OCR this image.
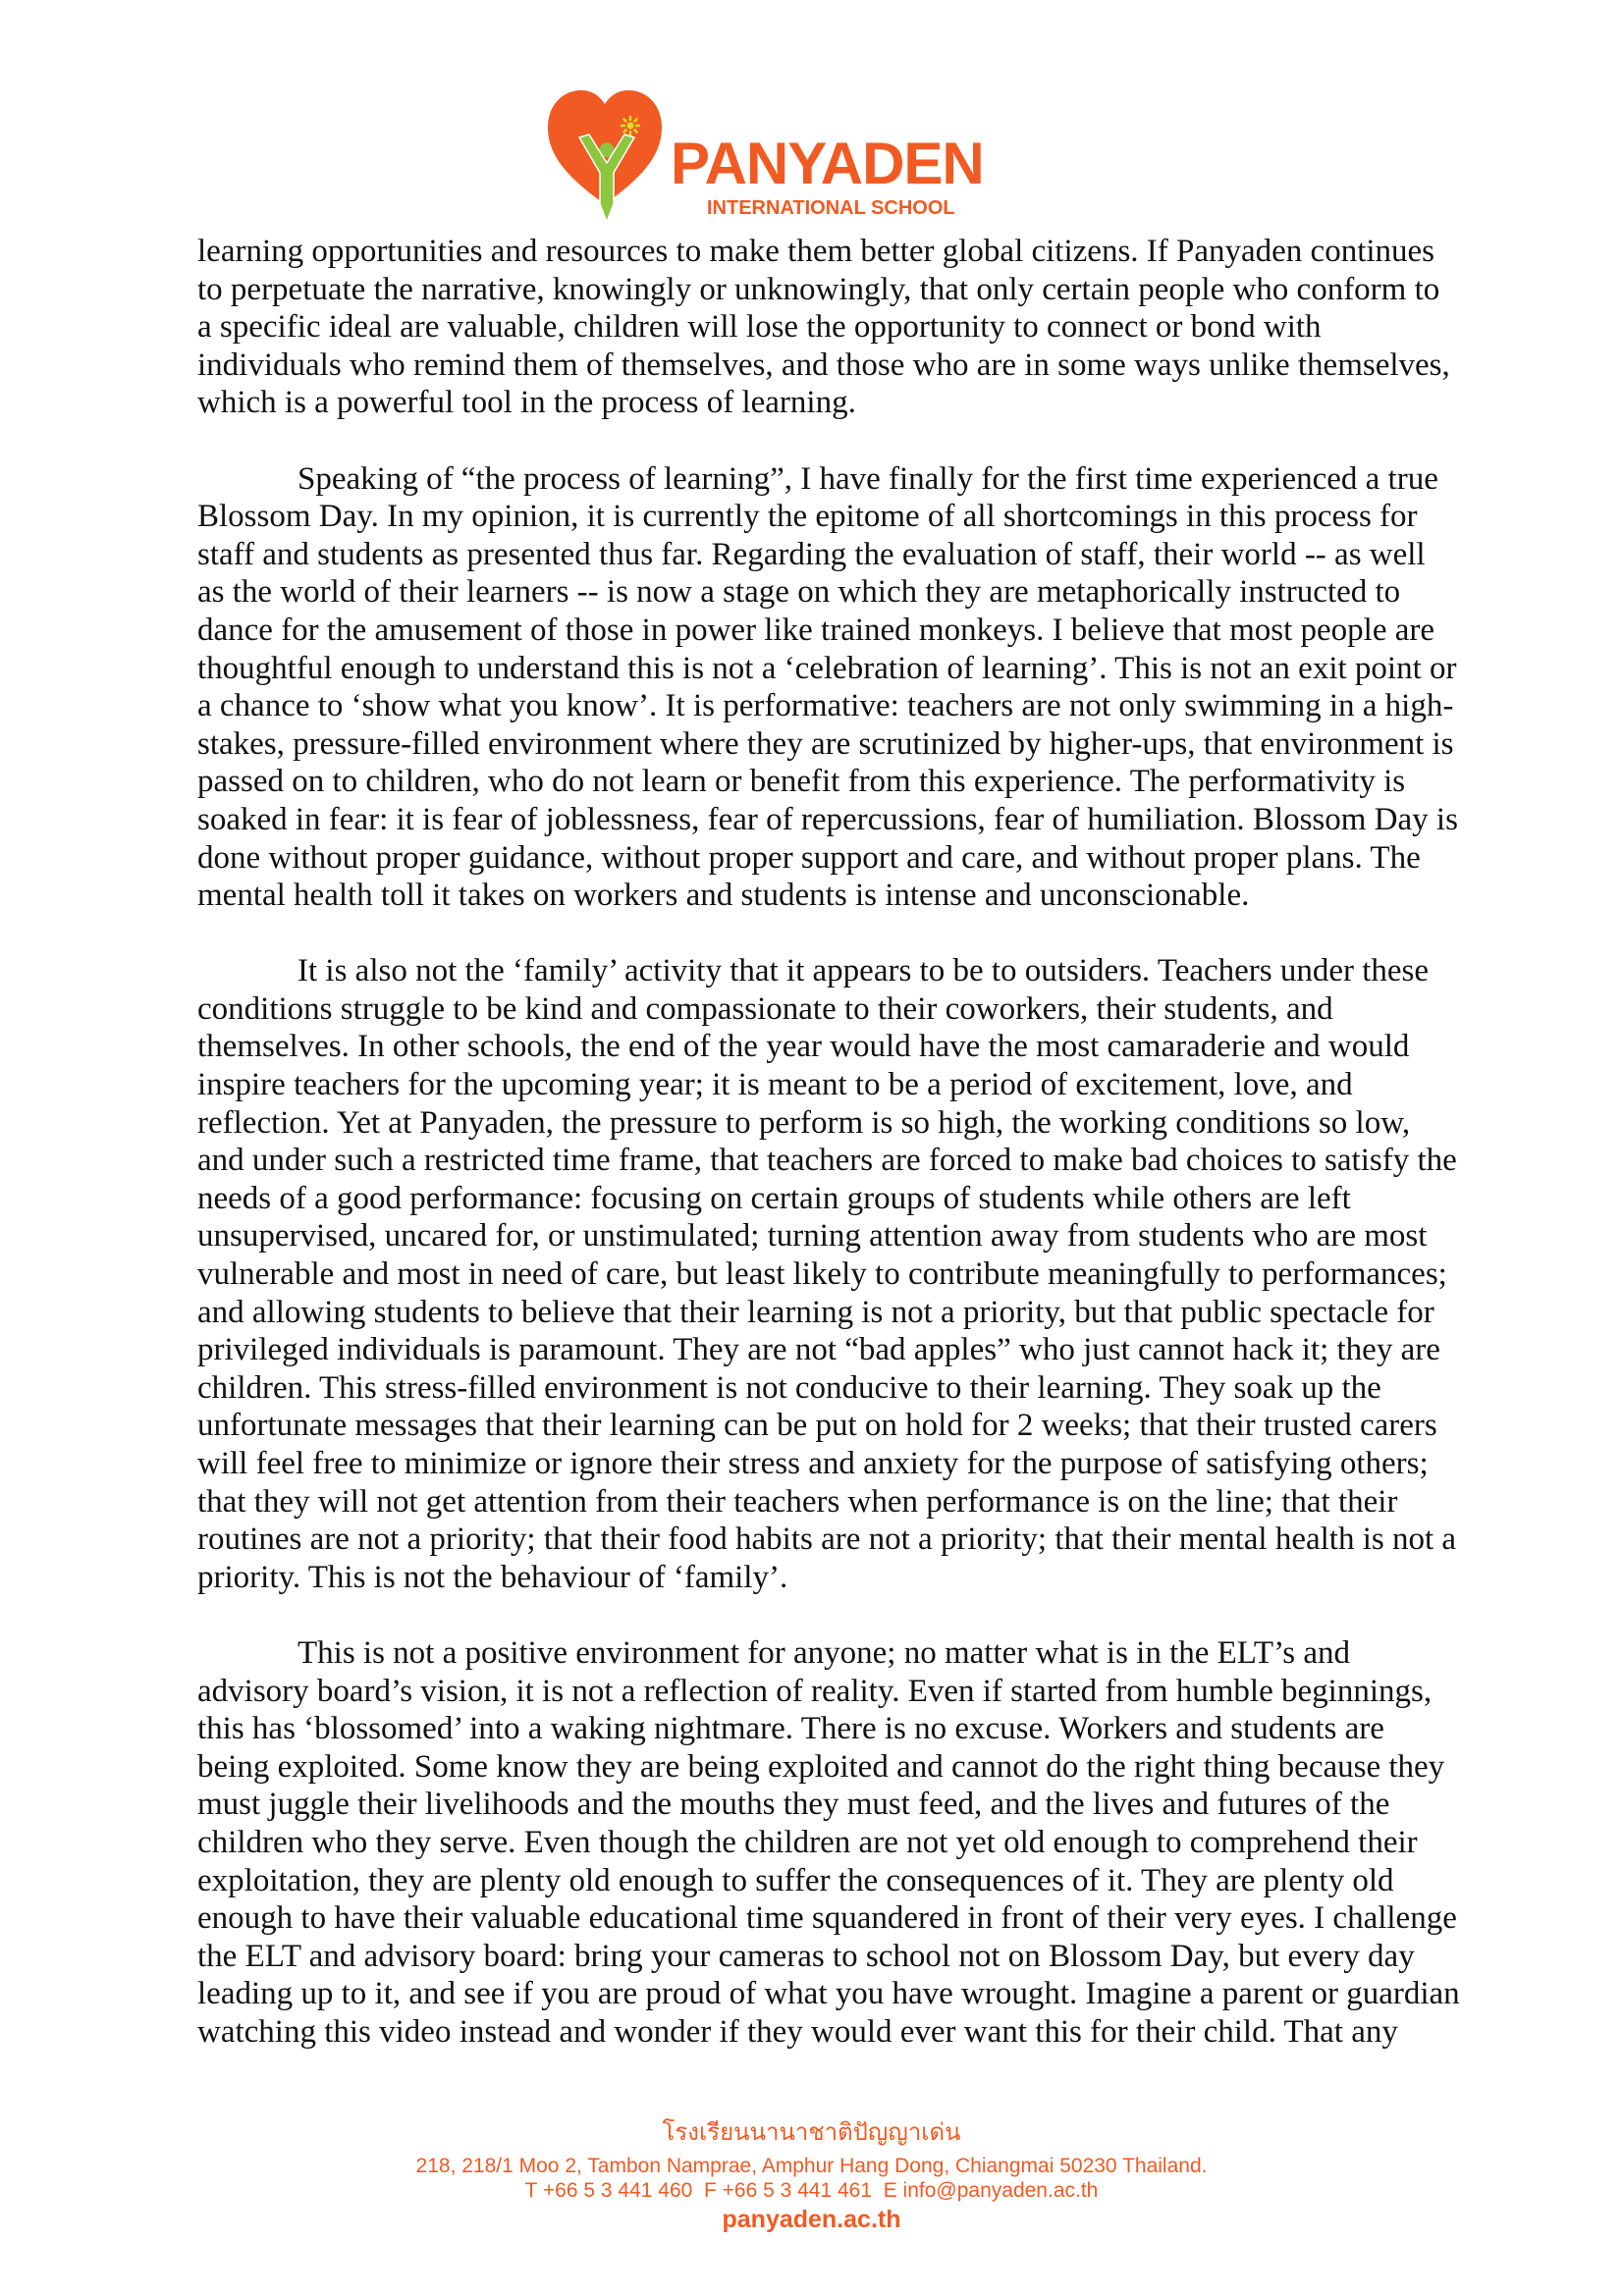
PANYADEN
INTERNATIONAL SCHOOL
learning opportunities and resources to make them better global citizens. If Panyaden continues
to perpetuate the narrative, knowingly or unknowingly, that only certain people who conform to
a specific ideal are valuable, children will lose the opportunity to connect or bond with
individuals who remind them of themselves, and those who are in some ways unlike themselves,
which is a powerful tool in the process of learning.
Speaking of “the process of learning”, I have finally for the first time experienced a true
Blossom Day. In my opinion, it is currently the epitome of all shortcomings in this process for
staff and students as presented thus far. Regarding the evaluation of staff, their world -- as well
as the world of their learners -- is now a stage on which they are metaphorically instructed to
dance for the amusement of those in power like trained monkeys. I believe that most people are
thoughtful enough to understand this is not a ‘celebration of learning’. This is not an exit point or
a chance to ‘show what you know’. It is performative: teachers are not only swimming in a high-
stakes, pressure-filled environment where they are scrutinized by higher-ups, that environment is
passed on to children, who do not learn or benefit from this experience. The performativity is
soaked in fear: it is fear of joblessness, fear of repercussions, fear of humiliation. Blossom Day is
done without proper guidance, without proper support and care, and without proper plans. The
mental health toll it takes on workers and students is intense and unconscionable.
It is also not the ‘family’ activity that it appears to be to outsiders. Teachers under these
conditions struggle to be kind and compassionate to their coworkers, their students, and
themselves. In other schools, the end of the year would have the most camaraderie and would
inspire teachers for the upcoming year; it is meant to be a period of excitement, love, and
reflection. Yet at Panyaden, the pressure to perform is so high, the working conditions so low,
and under such a restricted time frame, that teachers are forced to make bad choices to satisfy the
needs of a good performance: focusing on certain groups of students while others are left
unsupervised, uncared for, or unstimulated; turning attention away from students who are most
vulnerable and most in need of care, but least likely to contribute meaningfully to performances;
and allowing students to believe that their learning is not a priority, but that public spectacle for
privileged individuals is paramount. They are not “bad apples” who just cannot hack it; they are
children. This stress-filled environment is not conducive to their learning. They soak up the
unfortunate messages that their learning can be put on hold for 2 weeks; that their trusted carers
will feel free to minimize or ignore their stress and anxiety for the purpose of satisfying others;
that they will not get attention from their teachers when performance is on the line; that their
routines are not a priority; that their food habits are not a priority; that their mental health is not a
priority. This is not the behaviour of ‘family’.
This is not a positive environment for anyone; no matter what is in the ELT’s and
advisory board’s vision, it is not a reflection of reality. Even if started from humble beginnings,
this has ‘blossomed’ into a waking nightmare. There is no excuse. Workers and students are
being exploited. Some know they are being exploited and cannot do the right thing because they
must juggle their livelihoods and the mouths they must feed, and the lives and futures of the
children who they serve. Even though the children are not yet old enough to comprehend their
exploitation, they are plenty old enough to suffer the consequences of it. They are plenty old
enough to have their valuable educational time squandered in front of their very eyes. I challenge
the ELT and advisory board: bring your cameras to school not on Blossom Day, but every day
leading up to it, and see if you are proud of what you have wrought. Imagine a parent or guardian
watching this video instead and wonder if they would ever want this for their child. That any
โรงเรียนนานาชาติปัญญาเด่น
218, 218/1 Moo 2, Tambon Namprae, Amphur Hang Dong, Chiangmai 50230 Thailand.
T +66 5 3 441 460  F +66 5 3 441 461  E info@panyaden.ac.th
panyaden.ac.th
